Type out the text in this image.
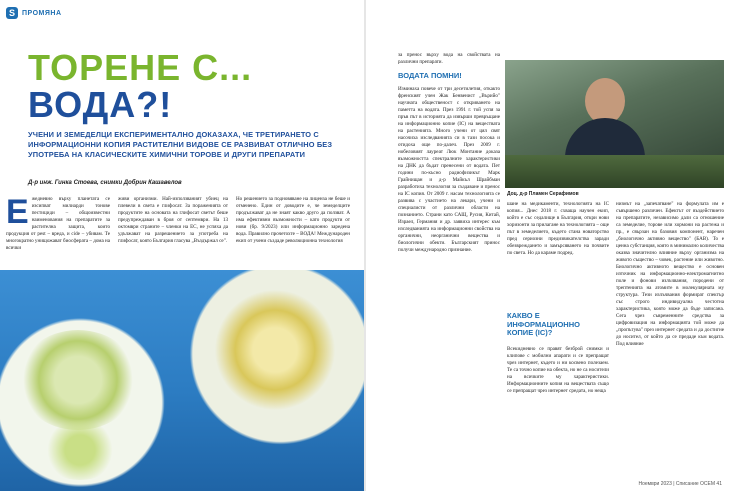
S	ПРОМЯНА
ТОРЕНЕ С...
ВОДА?!
УЧЕНИ И ЗЕМЕДЕЛЦИ ЕКСПЕРИМЕНТАЛНО ДОКАЗАХА, ЧЕ ТРЕТИРАНЕТО С ИНФОРМАЦИОННИ КОПИЯ РАСТИТЕЛНИ ВИДОВЕ СЕ РАЗВИВАТ ОТЛИЧНО БЕЗ УПОТРЕБА НА КЛАСИЧЕСКИТЕ ХИМИЧНИ ТОРОВЕ И ДРУГИ ПРЕПАРАТИ
Д-р инж. Гинка Стоева, снимки Добрин Кашавелов
Е жедневно върху планетата се изсипват милиарди тонове пестициди – общоизвестни наименования на препаратите за растителна защита, които продукция от pest – вреда, и cide – убивам. Те многократно унищожават биосферата – дома на всички
живи организми. Най-използваният убиец на плевели в света е глифосат. За пораженията от продуктите на основата на глифосат светът беше предупреждаван в броя от септември. На 13 октомври страните – членки на ЕС, не успяха да удължават на разрешението за употреба на глифосат, която България гласува „Въздържал се".
Но решението за подновяване на лиценза не беше и отменено. Един от доводите е, че земеделците продължават да не знаят какво друго да ползват. А има ефективни възможности – като продукти от нови (бр. 9/2023) или информационно заредена вода. Правилно прочетохте – ВОДА! Международен екип от учени създаде революционна технология
за пренос върху вода на свойствата на различни препарати.
ВОДАТА ПОМНИ!
Изминаха повече от три десетилетия, откакто френският учен Жак Бенвенист „Върийо" научната общественост с откриването на паметта на водата. През 1991 г. той успя за пръв път в историята да извърши превръщане на информационно копие (IC) на веществата на растенията. Много учени от цял свят насочиха изследванията си в тази посока и отидоха още по-далеч. През 2009 г. нобеловият лауреат Люк Монтание доказа възможността спектралните характеристики на ДНК да бъдат пренесени от водата. Пет години по-късно радиофизикът Марк Грайнищан и д-р Майкъл Шрайбман разработиха технология за създаване и пренос на IC копия. От 2009 г. насам технологията се развива с участието на лекари, учени и специалисти от различни области на познанието. Страни като САЩ, Русия, Китай, Израел, Германия и др. заявиха интерес към изследванията на информационни свойства на органични, неорганични вещества и биологични обекти. Българският принос получи международно признание.
Доц. д-р Пламен Серафимов
шане на медикаменти, технологията на IC копия... Днес 2018 г. схваща научен екип, който е със седалище в България, откри нови хоризонти за прилагане на технологията – още път в земеделието, където стана новаторство пред сериозни предизвикателства заради обезвреждането и замърсяването на почвите по света. Но да караме подред.
КАКВО Е ИНФОРМАЦИОННО КОПИЕ (IC)?
Всекидневно се правят безброй снимки и клипове с мобилни апарати и се препращат чрез интернет, където и ни косвено полезаем. Те са точно копие на обекта, но не са носители на всичките му характеристики. Информационните копия на веществата също се препращат чрез интернет средата, но неща
низмът на „запечатване" на формулата им е съвършено различен. Ефектът от въздействието на препаратите, независимо дали са отношение са земеделие, торове или хормони на растежа и пр., е свързан на базовия компонент, наречен „биологично активно вещество" (БАВ). То е ценна субстанция, която в минимално количества оказва значително влияние върху организма на живото същество – човек, растение или животно. Биологично активното вещество е основен източник на информационно-електромагнитно поле и фонови излъчвания, породени от трептенията на атомите в молекулярната му структура. Тези излъчвания формират спектър със строго индивидуална честотна характеристика, която може да бъде записана. Сега чрез съвременните средства за цифровизация на информацията той може да „пропътува" през интернет средата и да достигне до носител, от който да се предаде към водата. Под влияние
Ноември 2023 | Списание ОСЕМ 41
